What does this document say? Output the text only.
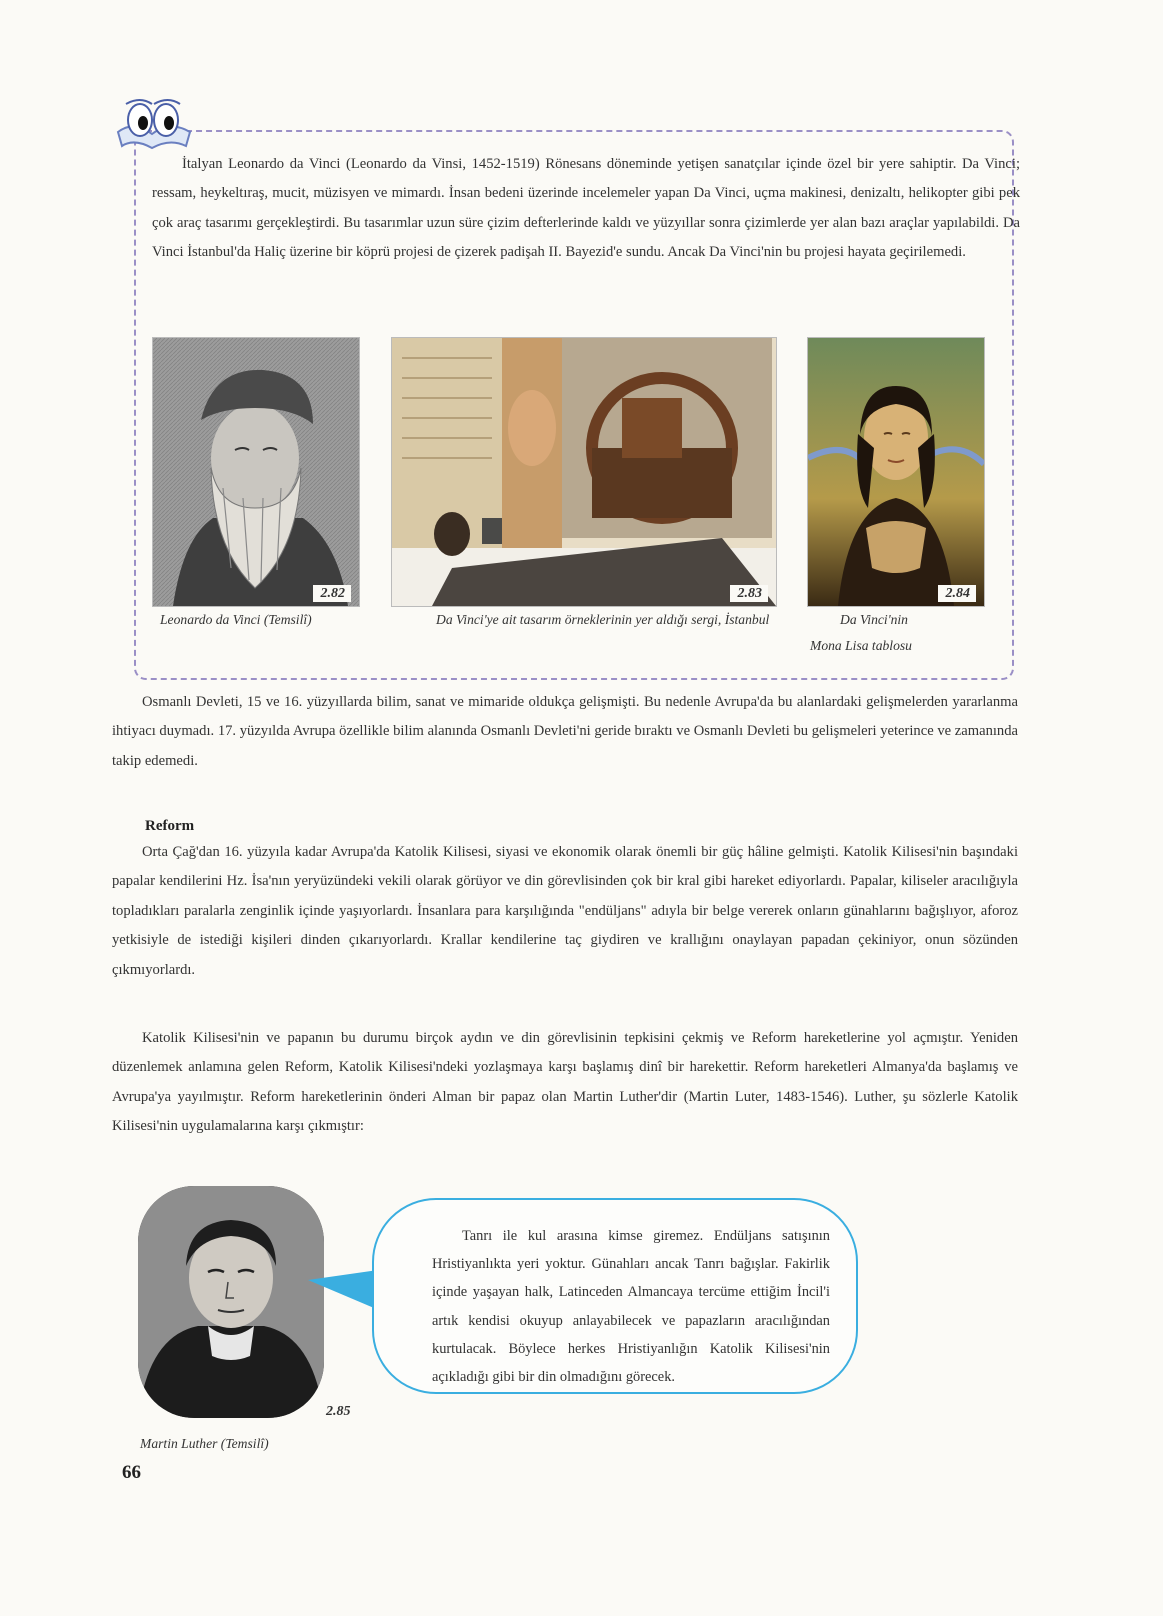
İtalyan Leonardo da Vinci (Leonardo da Vinsi, 1452-1519) Rönesans döneminde yetişen sanatçılar içinde özel bir yere sahiptir. Da Vinci; ressam, heykeltıraş, mucit, müzisyen ve mimardı. İnsan bedeni üzerinde incelemeler yapan Da Vinci, uçma makinesi, denizaltı, helikopter gibi pek çok araç tasarımı gerçekleştirdi. Bu tasarımlar uzun süre çizim defterlerinde kaldı ve yüzyıllar sonra çizimlerde yer alan bazı araçlar yapılabildi. Da Vinci İstanbul'da Haliç üzerine bir köprü projesi de çizerek padişah II. Bayezid'e sundu. Ancak Da Vinci'nin bu projesi hayata geçirilemedi.
2.82
Leonardo da Vinci (Temsilî)
2.83
Da Vinci'ye ait tasarım örneklerinin yer aldığı sergi, İstanbul
2.84
Da Vinci'nin
Mona Lisa tablosu

Osmanlı Devleti, 15 ve 16. yüzyıllarda bilim, sanat ve mimaride oldukça gelişmişti. Bu nedenle Avrupa'da bu alanlardaki gelişmelerden yararlanma ihtiyacı duymadı. 17. yüzyılda Avrupa özellikle bilim alanında Osmanlı Devleti'ni geride bıraktı ve Osmanlı Devleti bu gelişmeleri yeterince ve zamanında takip edemedi.

Reform

Orta Çağ'dan 16. yüzyıla kadar Avrupa'da Katolik Kilisesi, siyasi ve ekonomik olarak önemli bir güç hâline gelmişti. Katolik Kilisesi'nin başındaki papalar kendilerini Hz. İsa'nın yeryüzündeki vekili olarak görüyor ve din görevlisinden çok bir kral gibi hareket ediyorlardı. Papalar, kiliseler aracılığıyla topladıkları paralarla zenginlik içinde yaşıyorlardı. İnsanlara para karşılığında "endüljans" adıyla bir belge vererek onların günahlarını bağışlıyor, aforoz yetkisiyle de istediği kişileri dinden çıkarıyorlardı. Krallar kendilerine taç giydiren ve krallığını onaylayan papadan çekiniyor, onun sözünden çıkmıyorlardı.

Katolik Kilisesi'nin ve papanın bu durumu birçok aydın ve din görevlisinin tepkisini çekmiş ve Reform hareketlerine yol açmıştır. Yeniden düzenlemek anlamına gelen Reform, Katolik Kilisesi'ndeki yozlaşmaya karşı başlamış dinî bir harekettir. Reform hareketleri Almanya'da başlamış ve Avrupa'ya yayılmıştır. Reform hareketlerinin önderi Alman bir papaz olan Martin Luther'dir (Martin Luter, 1483-1546). Luther, şu sözlerle Katolik Kilisesi'nin uygulamalarına karşı çıkmıştır:

2.85
Martin Luther (Temsilî)
Tanrı ile kul arasına kimse giremez. Endüljans satışının Hristiyanlıkta yeri yoktur. Günahları ancak Tanrı bağışlar. Fakirlik içinde yaşayan halk, Latinceden Almancaya tercüme ettiğim İncil'i artık kendisi okuyup anlayabilecek ve papazların aracılığından kurtulacak. Böylece herkes Hristiyanlığın Katolik Kilisesi'nin açıkladığı gibi bir din olmadığını görecek.
66
